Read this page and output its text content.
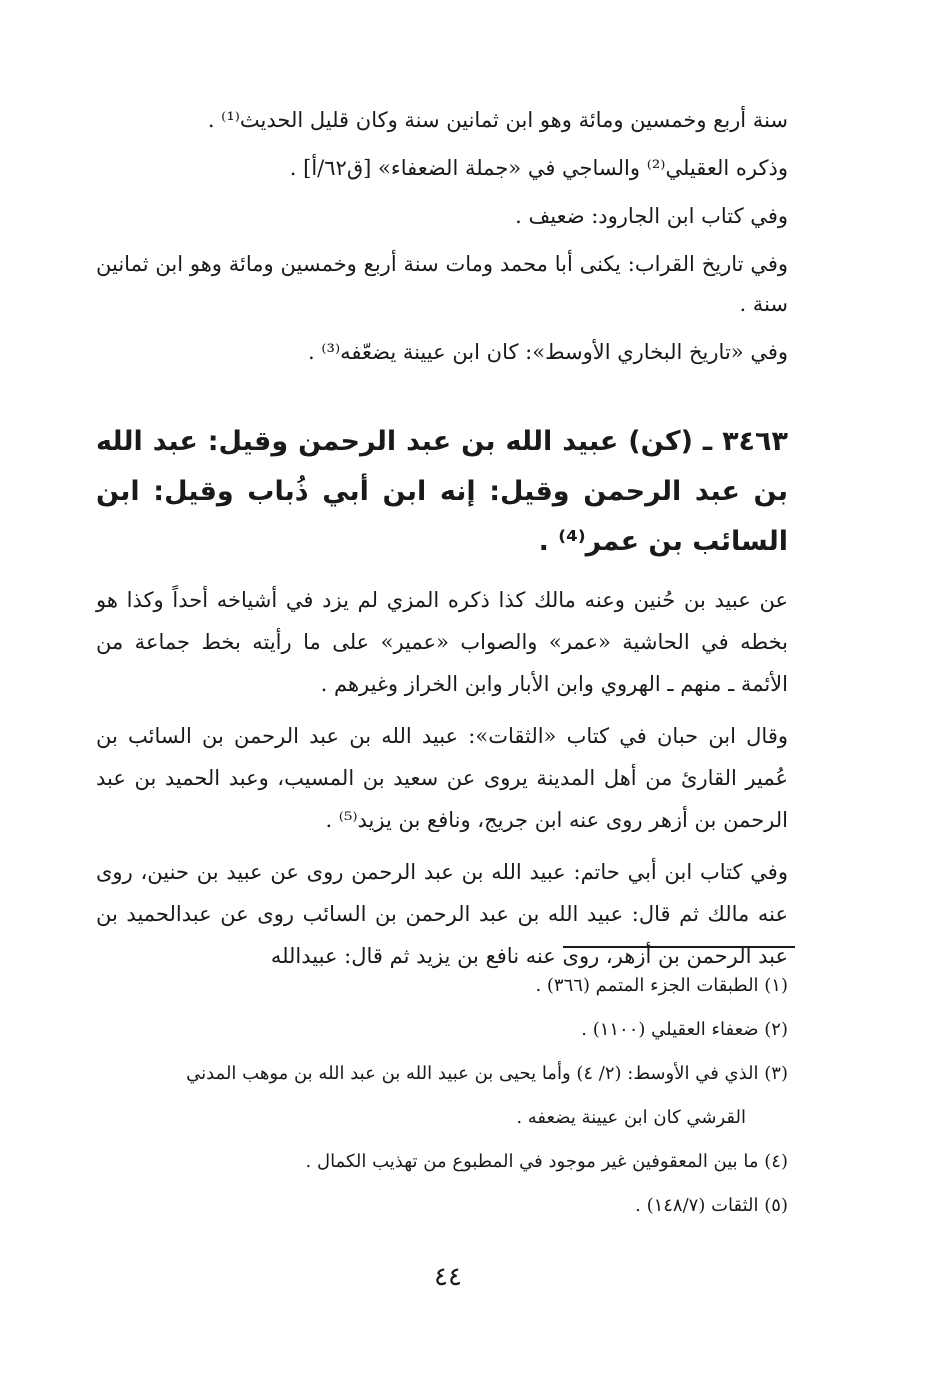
سنة أربع وخمسين ومائة وهو ابن ثمانين سنة وكان قليل الحديث⁽¹⁾ .

وذكره العقيلي⁽²⁾ والساجي في «جملة الضعفاء» [ق٦٢/أ] .

وفي كتاب ابن الجارود: ضعيف .

وفي تاريخ القراب: يكنى أبا محمد ومات سنة أربع وخمسين ومائة وهو ابن ثمانين سنة .

وفي «تاريخ البخاري الأوسط»: كان ابن عيينة يضعّفه⁽³⁾ .

٣٤٦٣ ـ (كن) عبيد الله بن عبد الرحمن وقيل: عبد الله بن عبد الرحمن وقيل: إنه ابن أبي ذُباب وقيل: ابن السائب بن عمر⁽⁴⁾ .

عن عبيد بن حُنين وعنه مالك كذا ذكره المزي لم يزد في أشياخه أحداً وكذا هو بخطه في الحاشية «عمر» والصواب «عمير» على ما رأيته بخط جماعة من الأئمة ـ منهم ـ الهروي وابن الأبار وابن الخراز وغيرهم .

وقال ابن حبان في كتاب «الثقات»: عبيد الله بن عبد الرحمن بن السائب بن عُمير القارئ من أهل المدينة يروى عن سعيد بن المسيب، وعبد الحميد بن عبد الرحمن بن أزهر روى عنه ابن جريج، ونافع بن يزيد⁽⁵⁾ .

وفي كتاب ابن أبي حاتم: عبيد الله بن عبد الرحمن روى عن عبيد بن حنين، روى عنه مالك ثم قال: عبيد الله بن عبد الرحمن بن السائب روى عن عبدالحميد بن عبد الرحمن بن أزهر، روى عنه نافع بن يزيد ثم قال: عبيدالله

(١) الطبقات الجزء المتمم (٣٦٦) .

(٢) ضعفاء العقيلي (١١٠٠) .

(٣) الذي في الأوسط: (٢/ ٤) وأما يحيى بن عبيد الله بن عبد الله بن موهب المدني

القرشي كان ابن عيينة يضعفه .

(٤) ما بين المعقوفين غير موجود في المطبوع من تهذيب الكمال .

(٥) الثقات (١٤٨/٧) .

٤٤
